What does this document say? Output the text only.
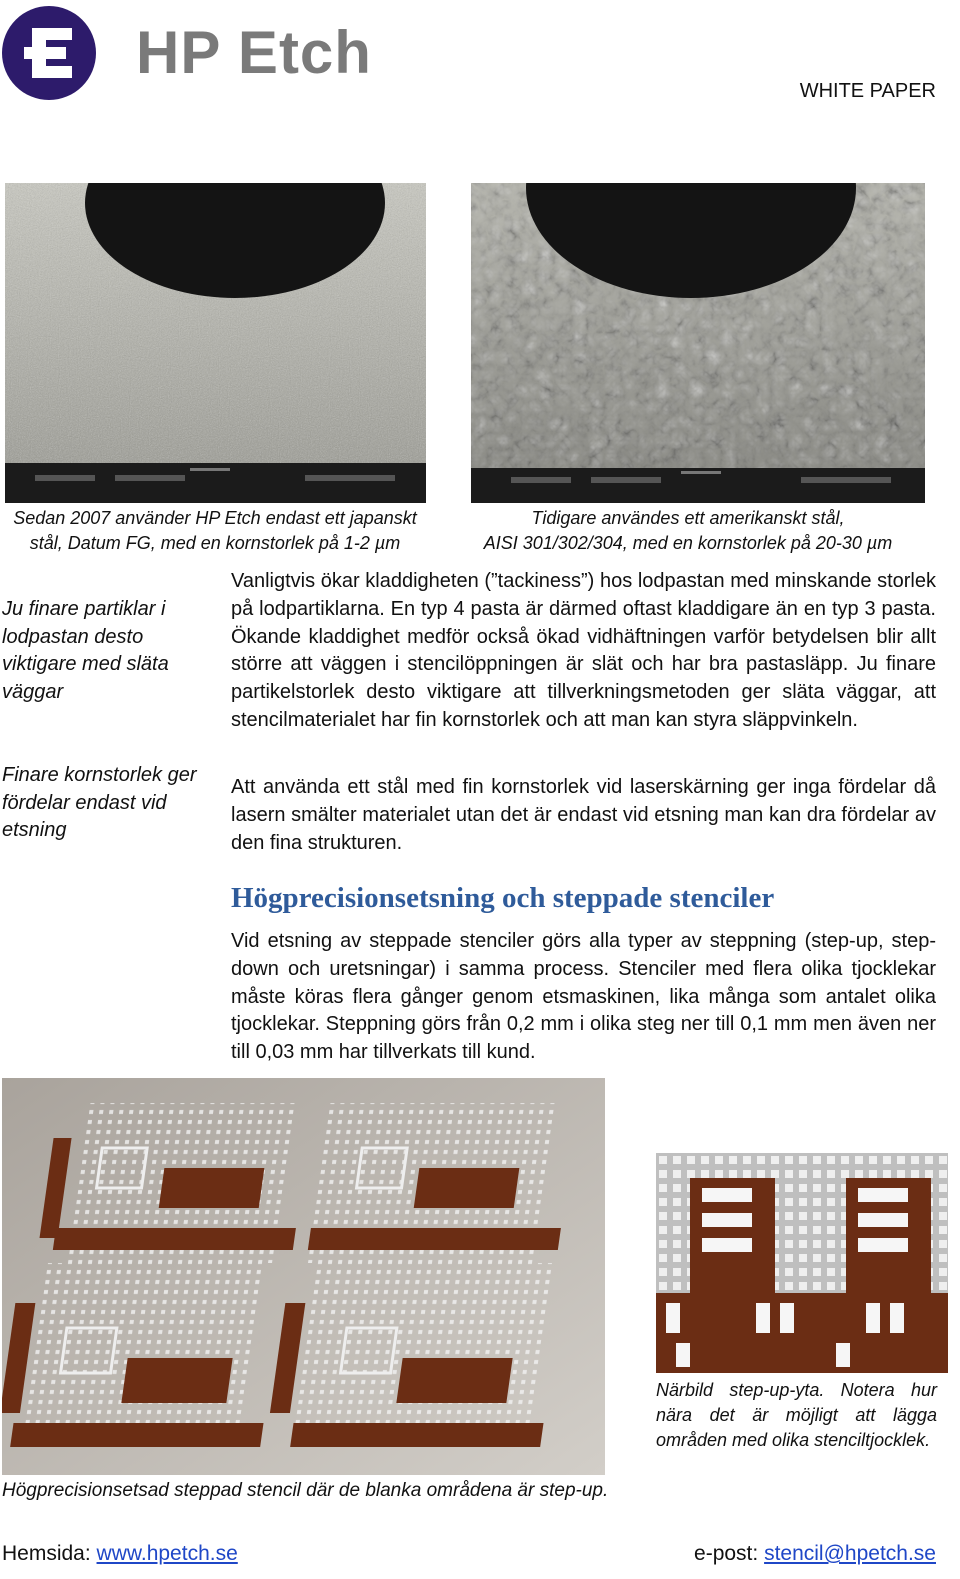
HP Etch
WHITE PAPER
Sedan 2007 använder HP Etch endast ett japanskt
stål, Datum FG, med en kornstorlek på 1-2 µm
Tidigare användes ett amerikanskt stål,
AISI 301/302/304, med en kornstorlek på 20-30 µm
Ju finare partiklar i lodpastan desto viktigare med släta väggar
Finare kornstorlek ger fördelar endast vid etsning
Vanligtvis ökar kladdigheten (”tackiness”) hos lodpastan med minskande storlek på lodpartiklarna. En typ 4 pasta är därmed oftast kladdigare än en typ 3 pasta. Ökande kladdighet medför också ökad vidhäftningen varför betydelsen blir allt större att väggen i stencilöppningen är slät och har bra pastasläpp. Ju finare partikelstorlek desto viktigare att tillverkningsmetoden ger släta väggar, att stencilmaterialet har fin kornstorlek och att man kan styra släppvinkeln.
Att använda ett stål med fin kornstorlek vid laserskärning ger inga fördelar då lasern smälter materialet utan det är endast vid etsning man kan dra fördelar av den fina strukturen.
Högprecisionsetsning och steppade stenciler
Vid etsning av steppade stenciler görs alla typer av steppning (step-up, step-down och uretsningar) i samma process. Stenciler med flera olika tjocklekar måste köras flera gånger genom etsmaskinen, lika många som antalet olika tjocklekar. Steppning görs från 0,2 mm i olika steg ner till 0,1 mm men även ner till 0,03 mm har tillverkats till kund.
Högprecisionsetsad steppad stencil där de blanka områdena är step-up.
Närbild step-up-yta. Notera hur nära det är möjligt att lägga områden med olika stenciltjocklek.
Hemsida: www.hpetch.se	e-post: stencil@hpetch.se
